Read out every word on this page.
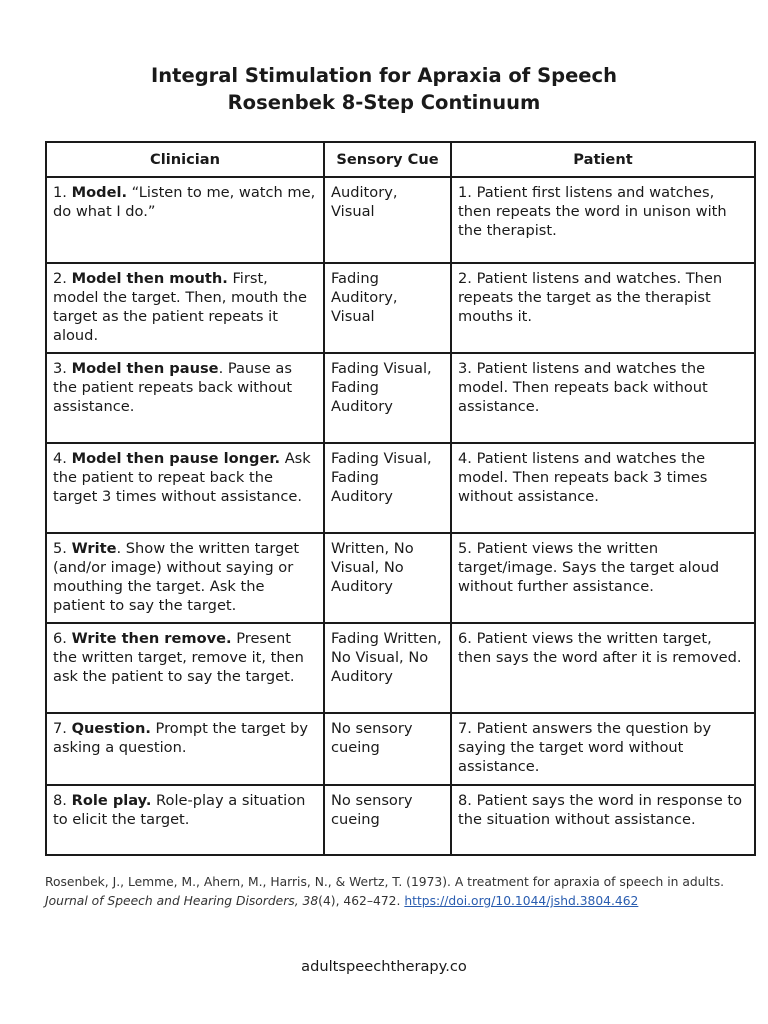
Integral Stimulation for Apraxia of Speech
Rosenbek 8-Step Continuum
Clinician	Sensory Cue	Patient
1. Model. “Listen to me, watch me, do what I do.”	Auditory, Visual	1. Patient first listens and watches, then repeats the word in unison with the therapist.
2. Model then mouth. First, model the target. Then, mouth the target as the patient repeats it aloud.	Fading Auditory, Visual	2. Patient listens and watches. Then repeats the target as the therapist mouths it.
3. Model then pause. Pause as the patient repeats back without assistance.	Fading Visual, Fading Auditory	3. Patient listens and watches the model. Then repeats back without assistance.
4. Model then pause longer. Ask the patient to repeat back the target 3 times without assistance.	Fading Visual, Fading Auditory	4. Patient listens and watches the model. Then repeats back 3 times without assistance.
5. Write. Show the written target (and/or image) without saying or mouthing the target. Ask the patient to say the target.	Written, No Visual, No Auditory	5. Patient views the written target/image. Says the target aloud without further assistance.
6. Write then remove. Present the written target, remove it, then ask the patient to say the target.	Fading Written, No Visual, No Auditory	6. Patient views the written target, then says the word after it is removed.
7. Question. Prompt the target by asking a question.	No sensory cueing	7. Patient answers the question by saying the target word without assistance.
8. Role play. Role-play a situation to elicit the target.	No sensory cueing	8. Patient says the word in response to the situation without assistance.
Rosenbek, J., Lemme, M., Ahern, M., Harris, N., & Wertz, T. (1973). A treatment for apraxia of speech in adults.
Journal of Speech and Hearing Disorders, 38(4), 462–472. https://doi.org/10.1044/jshd.3804.462
adultspeechtherapy.co
